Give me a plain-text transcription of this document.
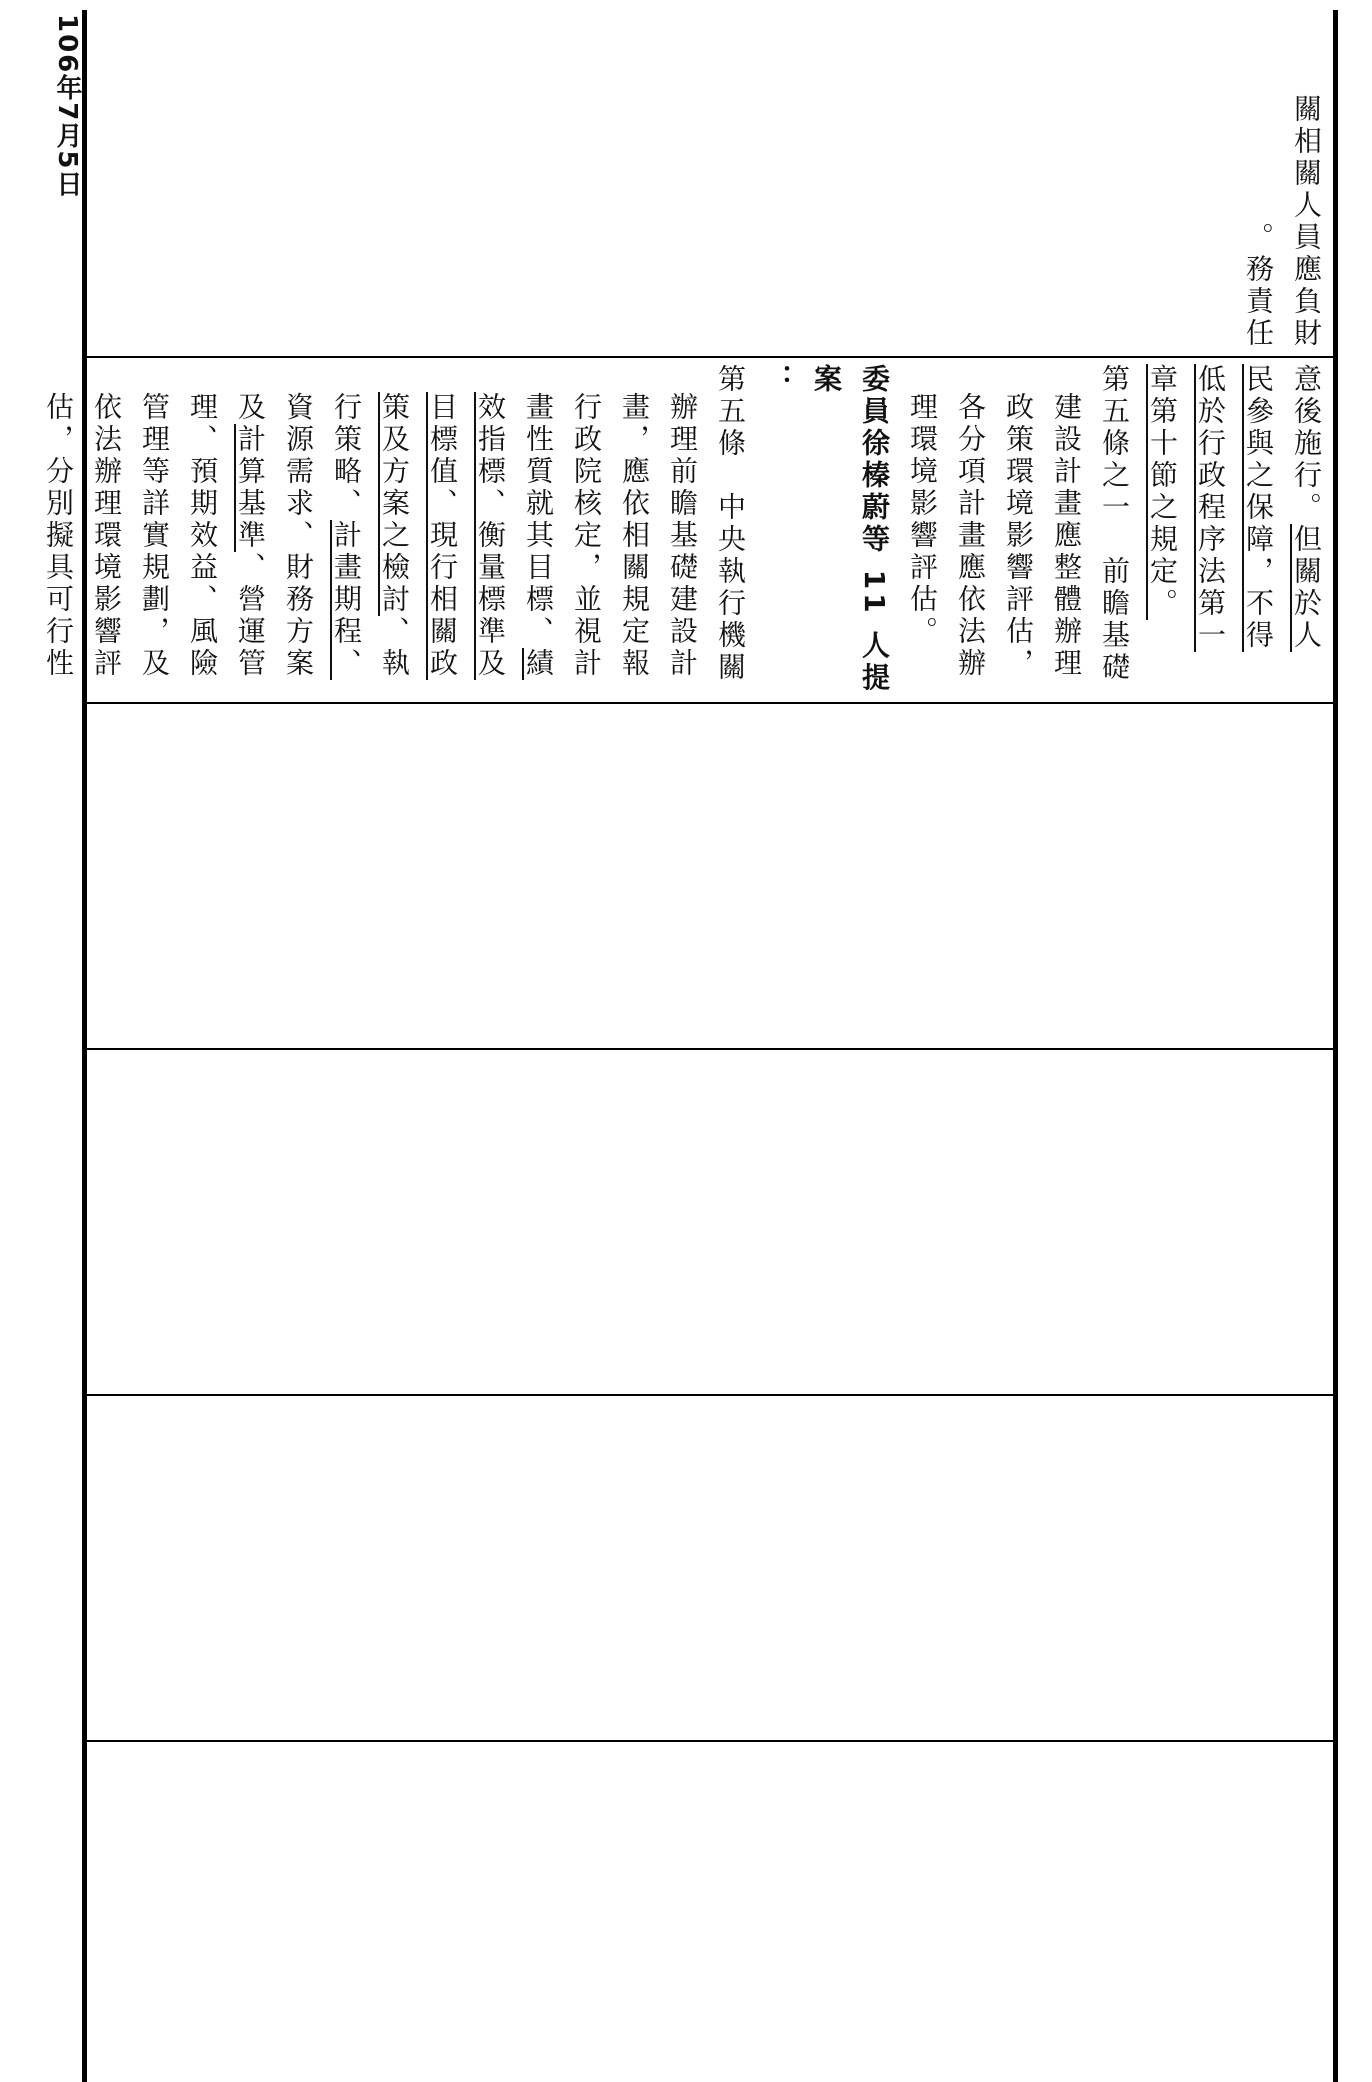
106年7月5日	關相關人員應負財

務責任。

意後施行。但關於人

民參與之保障，不得

低於行政程序法第一

章第十節之規定。

第五條之一　前瞻基礎

建設計畫應整體辦理

政策環境影響評估，

各分項計畫應依法辦

理環境影響評估。

委員徐榛蔚等 11 人提案

：

第五條　中央執行機關

辦理前瞻基礎建設計

畫，應依相關規定報

行政院核定，並視計

畫性質就其目標、績

效指標、衡量標準及

目標值、現行相關政

策及方案之檢討、執

行策略、計畫期程、

資源需求、財務方案

及計算基準、營運管

理、預期效益、風險

管理等詳實規劃，及

依法辦理環境影響評

估，分別擬具可行性
